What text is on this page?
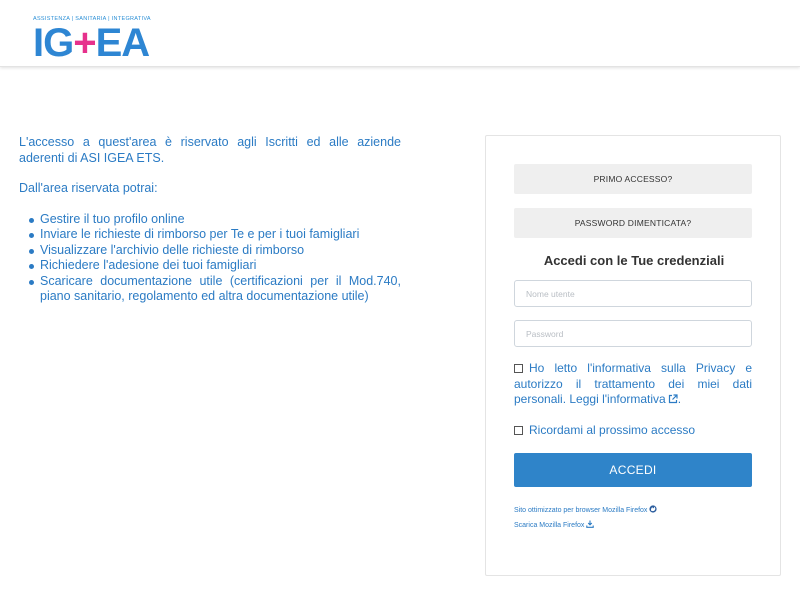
ASSISTENZA | SANITARIA | INTEGRATIVA
IG+EA

L'accesso a quest'area è riservato agli Iscritti ed alle aziende aderenti di ASI IGEA ETS.

Dall'area riservata potrai:

Gestire il tuo profilo online
Inviare le richieste di rimborso per Te e per i tuoi famigliari
Visualizzare l'archivio delle richieste di rimborso
Richiedere l'adesione dei tuoi famigliari
Scaricare documentazione utile (certificazioni per il Mod.740, piano sanitario, regolamento ed altra documentazione utile)
PRIMO ACCESSO?
PASSWORD DIMENTICATA?
Accedi con le Tue credenziali
Nome utente
Ho letto l'informativa sulla Privacy e autorizzo il trattamento dei miei dati personali. Leggi l'informativa .
Ricordami al prossimo accesso
ACCEDI
Sito ottimizzato per browser Mozilla Firefox
Scarica Mozilla Firefox
